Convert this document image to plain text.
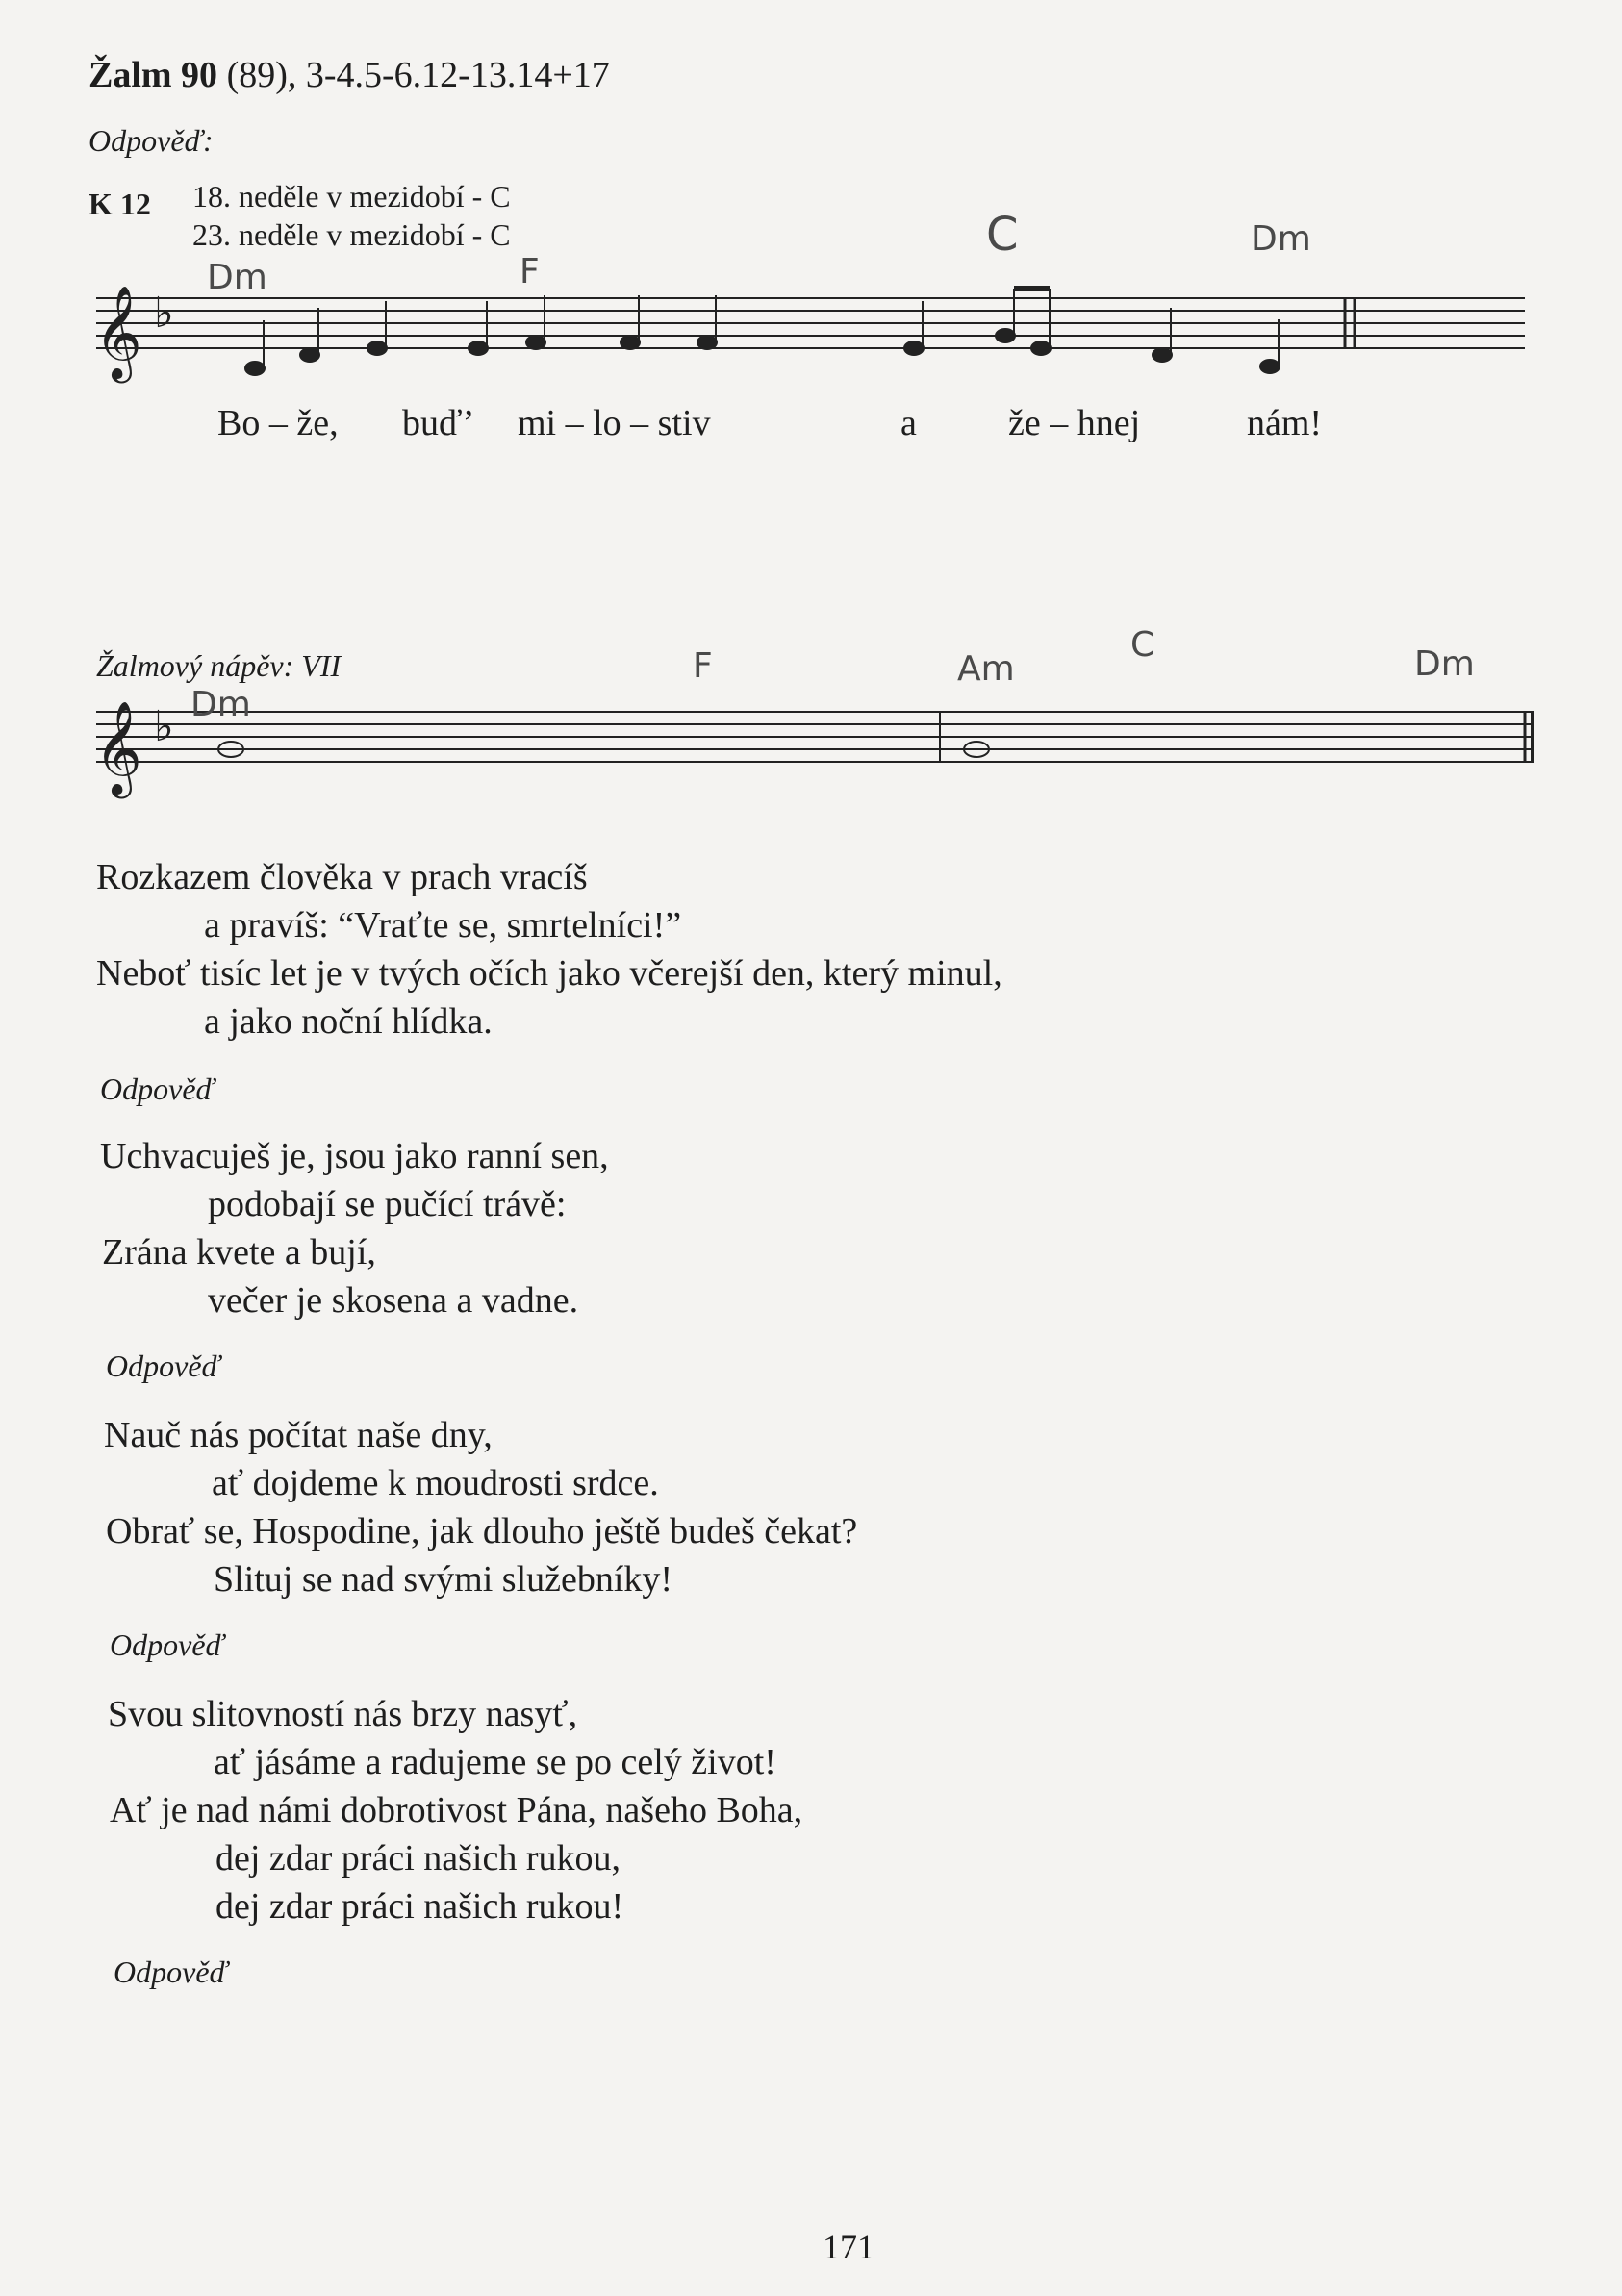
Žalm 90 (89), 3-4.5-6.12-13.14+17
Odpověď:
K 12 18. neděle v mezidobí - C
23. neděle v mezidobí - C
Dm	F
C	Dm
𝄞 ♭
𝄞 ♭
Bo – že, buď’ mi – lo – stiv	a	že – hnej	nám!
Žalmový nápěv: VII
Dm
F	Am
C	Dm
Rozkazem člověka v prach vracíš
a pravíš: “Vraťte se, smrtelníci!”
Neboť tisíc let je v tvých očích jako včerejší den, který minul,
a jako noční hlídka.
Odpověď
Uchvacuješ je, jsou jako ranní sen,
podobají se pučící trávě:
Zrána kvete a bují,
večer je skosena a vadne.
Odpověď
Nauč nás počítat naše dny,
ať dojdeme k moudrosti srdce.
Obrať se, Hospodine, jak dlouho ještě budeš čekat?
Slituj se nad svými služebníky!
Odpověď
Svou slitovností nás brzy nasyť,
ať jásáme a radujeme se po celý život!
Ať je nad námi dobrotivost Pána, našeho Boha,
dej zdar práci našich rukou,
dej zdar práci našich rukou!
Odpověď
171
